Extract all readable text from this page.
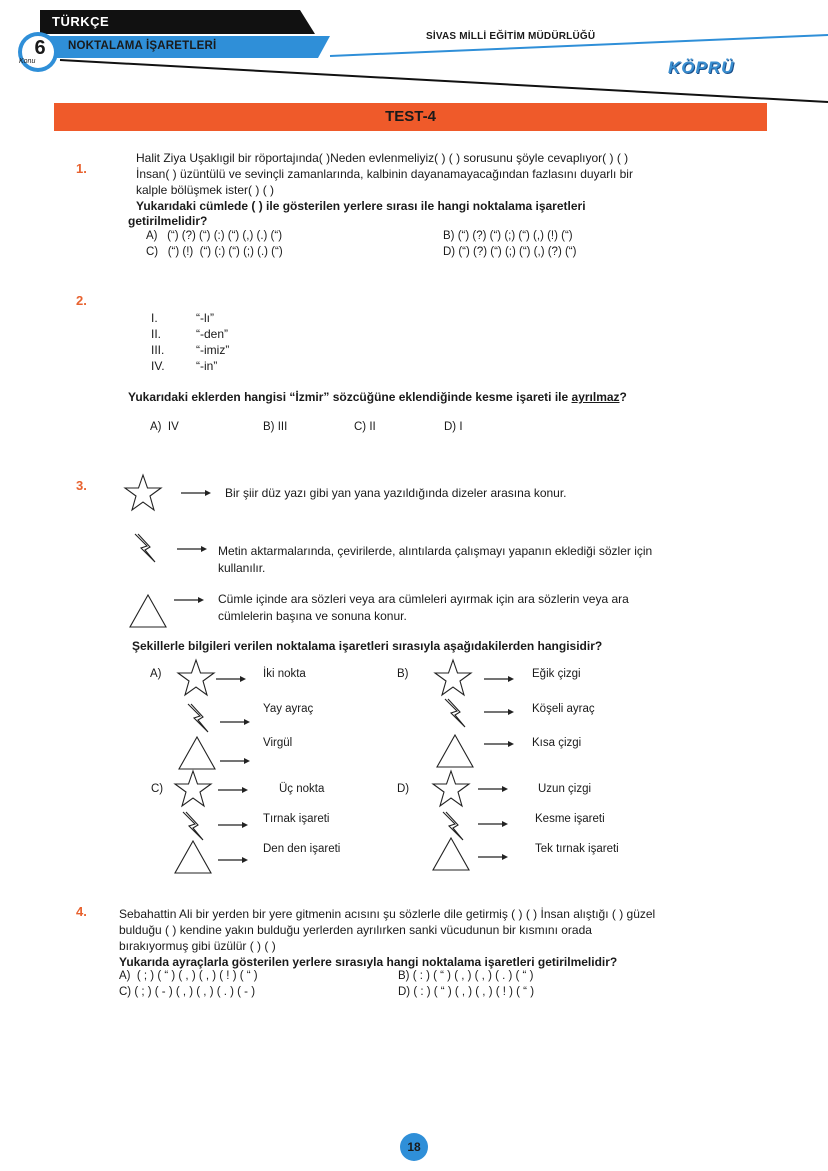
TÜRKÇE
NOKTALAMA İŞARETLERİ
6
Konu
SİVAS MİLLİ EĞİTİM MÜDÜRLÜĞÜ
KÖPRÜ
TEST-4
1.
Halit Ziya Uşaklıgil bir röportajında( )Neden evlenmeliyiz( ) ( ) sorusunu şöyle cevaplıyor( ) ( )
İnsan( ) üzüntülü ve sevinçli zamanlarında, kalbinin dayanamayacağından fazlasını duyarlı bir
kalple bölüşmek ister( ) ( )
Yukarıdaki cümlede ( ) ile gösterilen yerlere sırası ile hangi noktalama işaretleri
getirilmelidir?
A)   (“) (?) (“) (:) (“) (,) (.) (“)	B) (“) (?) (“) (;) (“) (,) (!) (“)
C)   (“) (!)  (“) (:) (“) (;) (.) (“)	D) (“) (?) (“) (;) (“) (,) (?) (“)
2.
I.	“-lı”
II.	“-den”
III.	“-imiz”
IV.	“-in”
Yukarıdaki eklerden hangisi “İzmir” sözcüğüne eklendiğinde kesme işareti ile ayrılmaz?
A)  IV	B) III	C) II	D) I
3.	Bir şiir düz yazı gibi yan yana yazıldığında dizeler arasına konur.
Metin aktarmalarında, çevirilerde, alıntılarda çalışmayı yapanın eklediği sözler için
kullanılır.
Cümle içinde ara sözleri veya ara cümleleri ayırmak için ara sözlerin veya ara
cümlelerin başına ve sonuna konur.
Şekillerle bilgileri verilen noktalama işaretleri sırasıyla aşağıdakilerden hangisidir?
A)	İki nokta
Yay ayraç
Virgül
B)	Eğik çizgi
Köşeli ayraç
Kısa çizgi
C)	Üç nokta
Tırnak işareti
Den den işareti
D)	Uzun çizgi
Kesme işareti
Tek tırnak işareti
4.	Sebahattin Ali bir yerden bir yere gitmenin acısını şu sözlerle dile getirmiş ( ) ( ) İnsan alıştığı ( ) güzel
bulduğu ( ) kendine yakın bulduğu yerlerden ayrılırken sanki vücudunun bir kısmını orada
bırakıyormuş gibi üzülür ( ) ( )
Yukarıda ayraçlarla gösterilen yerlere sırasıyla hangi noktalama işaretleri getirilmelidir?
A)  ( ; ) ( “ ) ( , ) ( , ) ( ! ) ( “ )	B) ( : ) ( “ ) ( , ) ( , ) ( . ) ( “ )
C) ( ; ) ( - ) ( , ) ( , ) ( . ) ( - )	D) ( : ) ( “ ) ( , ) ( , ) ( ! ) ( “ )
18
